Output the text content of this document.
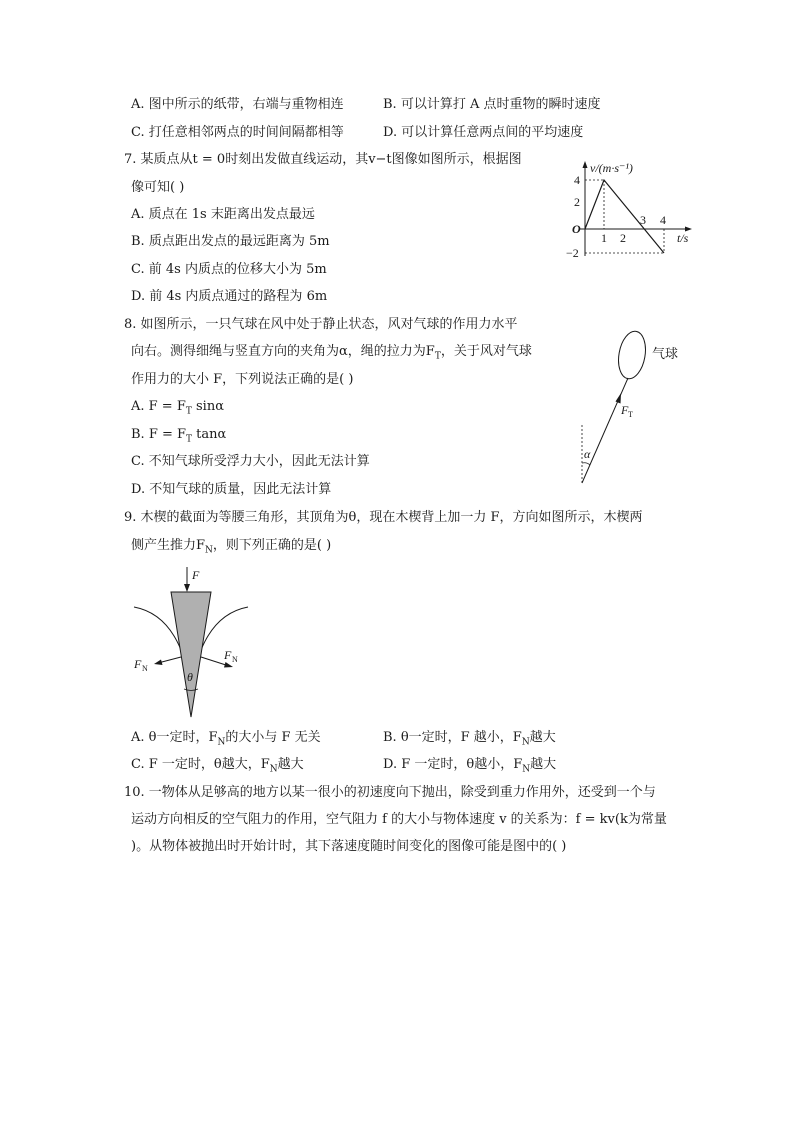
A. 图中所示的纸带，右端与重物相连	B. 可以计算打 A 点时重物的瞬时速度
C. 打任意相邻两点的时间间隔都相等	D. 可以计算任意两点间的平均速度
7. 某质点从t = 0时刻出发做直线运动，其v−t图像如图所示，根据图
像可知( )
A. 质点在 1s 末距离出发点最远
B. 质点距出发点的最远距离为 5m
C. 前 4s 内质点的位移大小为 5m
D. 前 4s 内质点通过的路程为 6m
v/(m·s⁻¹)
t/s
O
4
2
−2
1 2
3 4
8. 如图所示，一只气球在风中处于静止状态，风对气球的作用力水平
向右。测得细绳与竖直方向的夹角为α，绳的拉力为$F_T$，关于风对气球
作用力的大小 F，下列说法正确的是( )
A. $F = F_T$ sinα
B. $F = F_T$ tanα
C. 不知气球所受浮力大小，因此无法计算
D. 不知气球的质量，因此无法计算
气球
F T
α
9. 木楔的截面为等腰三角形，其顶角为θ，现在木楔背上加一力 F，方向如图所示，木楔两
侧产生推力$F_N$，则下列正确的是( )
F
F N
F N
θ
A. θ一定时，$F_N$的大小与 F 无关	B. θ一定时，F 越小，$F_N$越大
C. F 一定时，θ越大，$F_N$越大	D. F 一定时，θ越小，$F_N$越大
10. 一物体从足够高的地方以某一很小的初速度向下抛出，除受到重力作用外，还受到一个与
运动方向相反的空气阻力的作用，空气阻力 f 的大小与物体速度 v 的关系为：f = kv(k为常量
)。从物体被抛出时开始计时，其下落速度随时间变化的图像可能是图中的( )
